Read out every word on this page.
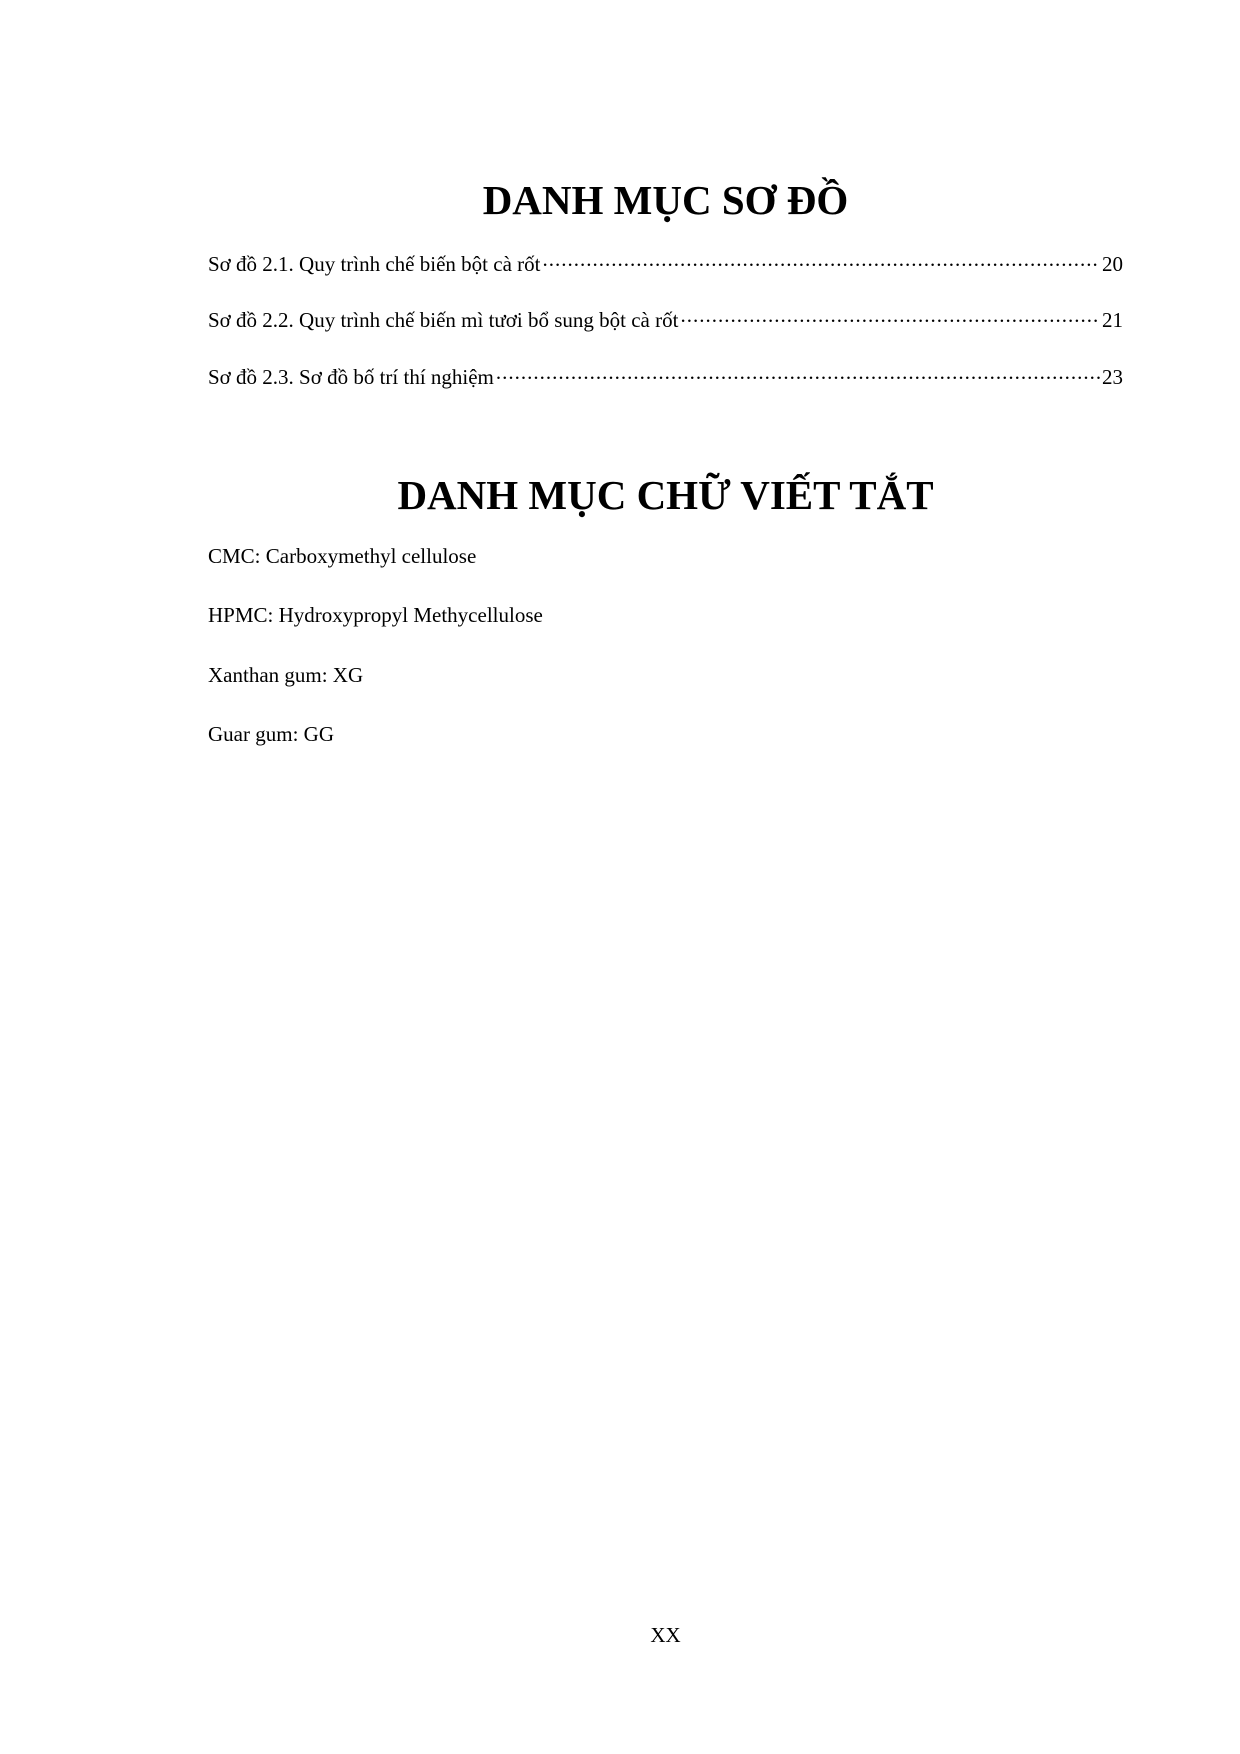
DANH MỤC SƠ ĐỒ
Sơ đồ 2.1. Quy trình chế biến bột cà rốt .....	20
Sơ đồ 2.2. Quy trình chế biến mì tươi bổ sung bột cà rốt .....	21
Sơ đồ 2.3. Sơ đồ bố trí thí nghiệm .....	23
DANH MỤC CHỮ VIẾT TẮT
CMC: Carboxymethyl cellulose
HPMC: Hydroxypropyl Methycellulose
Xanthan gum: XG
Guar gum: GG
XX
